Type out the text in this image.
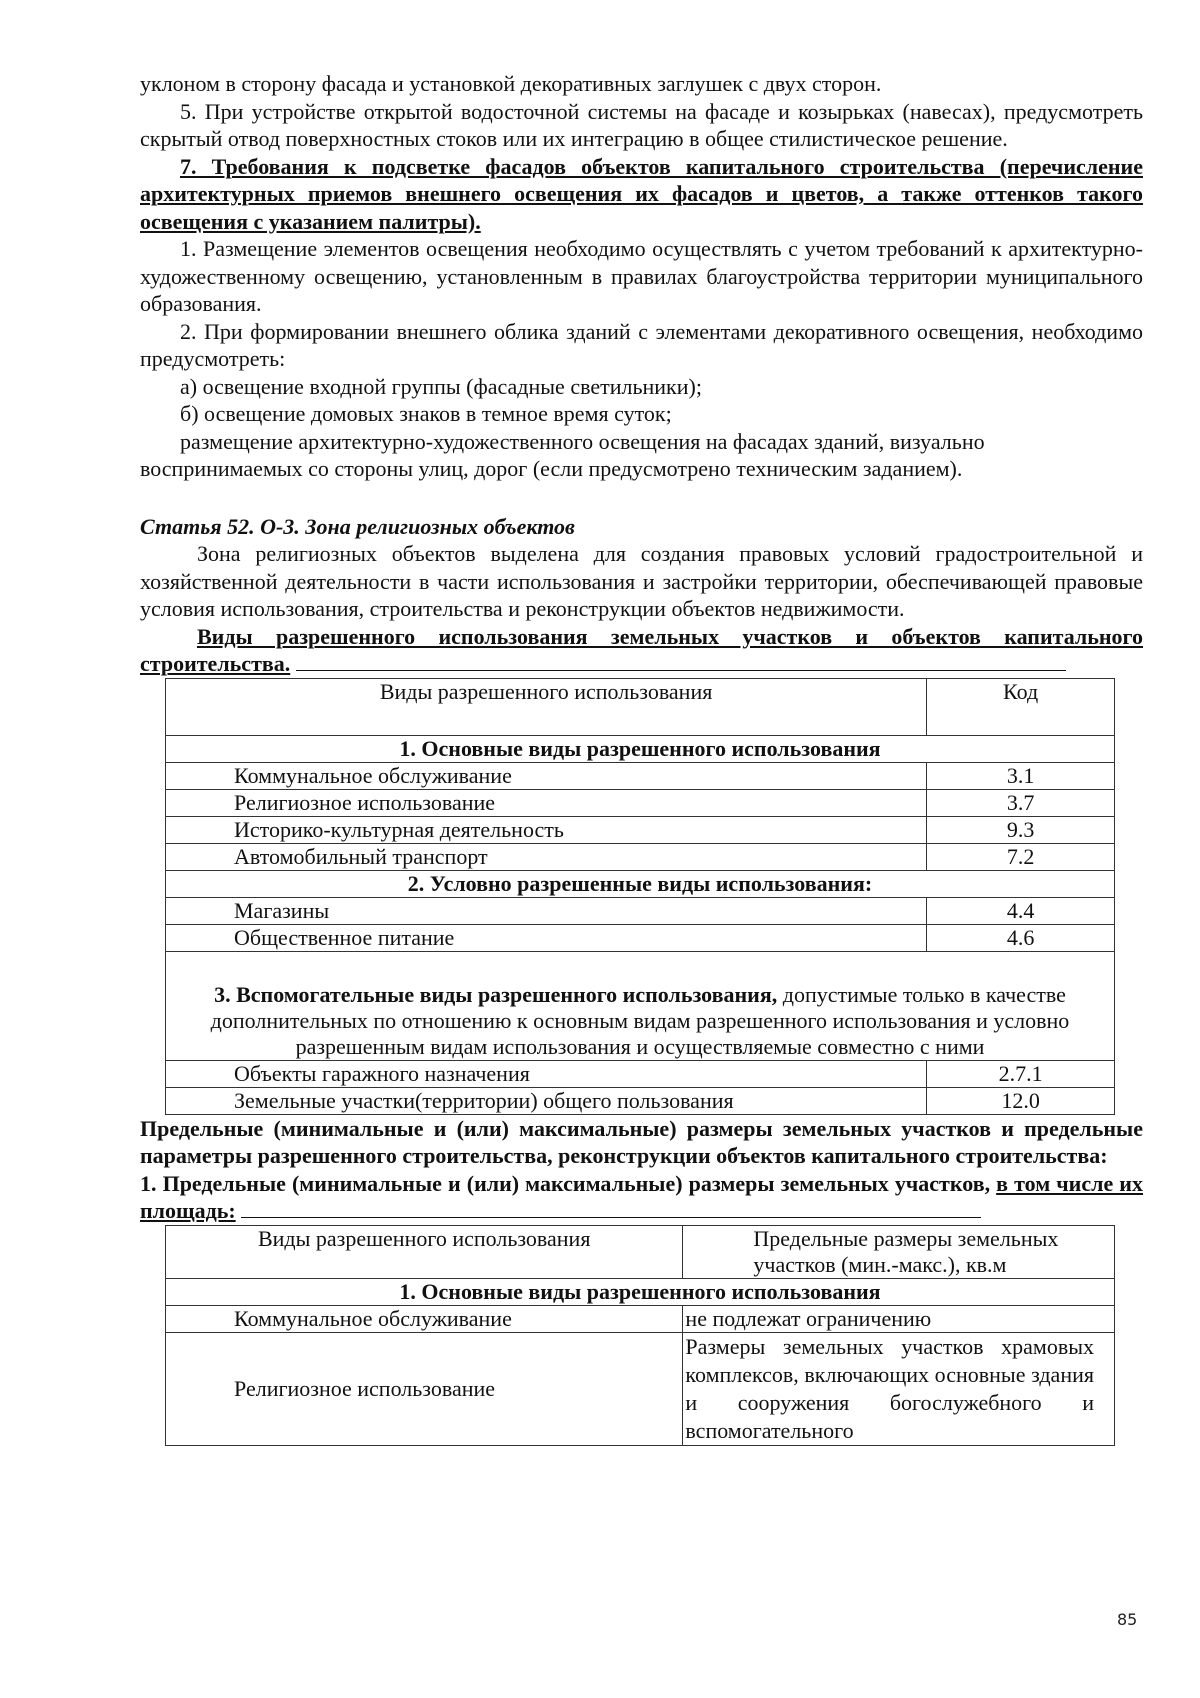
уклоном в сторону фасада и установкой декоративных заглушек с двух сторон.

5. При устройстве открытой водосточной системы на фасаде и козырьках (навесах), предусмотреть скрытый отвод поверхностных стоков или их интеграцию в общее стилистическое решение.

7. Требования к подсветке фасадов объектов капитального строительства (перечисление архитектурных приемов внешнего освещения их фасадов и цветов, а также оттенков такого освещения с указанием палитры).

1. Размещение элементов освещения необходимо осуществлять с учетом требований к архитектурно-художественному освещению, установленным в правилах благоустройства территории муниципального образования.

2. При формировании внешнего облика зданий с элементами декоративного освещения, необходимо предусмотреть:

а) освещение входной группы (фасадные светильники);

б) освещение домовых знаков в темное время суток;

размещение архитектурно-художественного освещения на фасадах зданий, визуально воспринимаемых со стороны улиц, дорог (если предусмотрено техническим заданием).

Статья 52. О-3. Зона религиозных объектов

Зона религиозных объектов выделена для создания правовых условий градостроительной и хозяйственной деятельности в части использования и застройки территории, обеспечивающей правовые условия использования, строительства и реконструкции объектов недвижимости.

Виды разрешенного использования земельных участков и объектов капитального строительства.

Виды разрешенного использования	Код
1. Основные виды разрешенного использования	
Коммунальное обслуживание	3.1
Религиозное использование	3.7
Историко-культурная деятельность	9.3
Автомобильный транспорт	7.2
2. Условно разрешенные виды использования:	
Магазины	4.4
Общественное питание	4.6
3. Вспомогательные виды разрешенного использования, допустимые только в качестве дополнительных по отношению к основным видам разрешенного использования и условно разрешенным видам использования и осуществляемые совместно с ними	
Объекты гаражного назначения	2.7.1
Земельные участки(территории) общего пользования	12.0

Предельные (минимальные и (или) максимальные) размеры земельных участков и предельные параметры разрешенного строительства, реконструкции объектов капитального строительства:

1. Предельные (минимальные и (или) максимальные) размеры земельных участков, в том числе их площадь:

Виды разрешенного использования	Предельные размеры земельных участков (мин.-макс.), кв.м
1. Основные виды разрешенного использования	
Коммунальное обслуживание	не подлежат ограничению
Религиозное использование	Размеры земельных участков храмовых комплексов, включающих основные здания и сооружения богослужебного и вспомогательного
85
